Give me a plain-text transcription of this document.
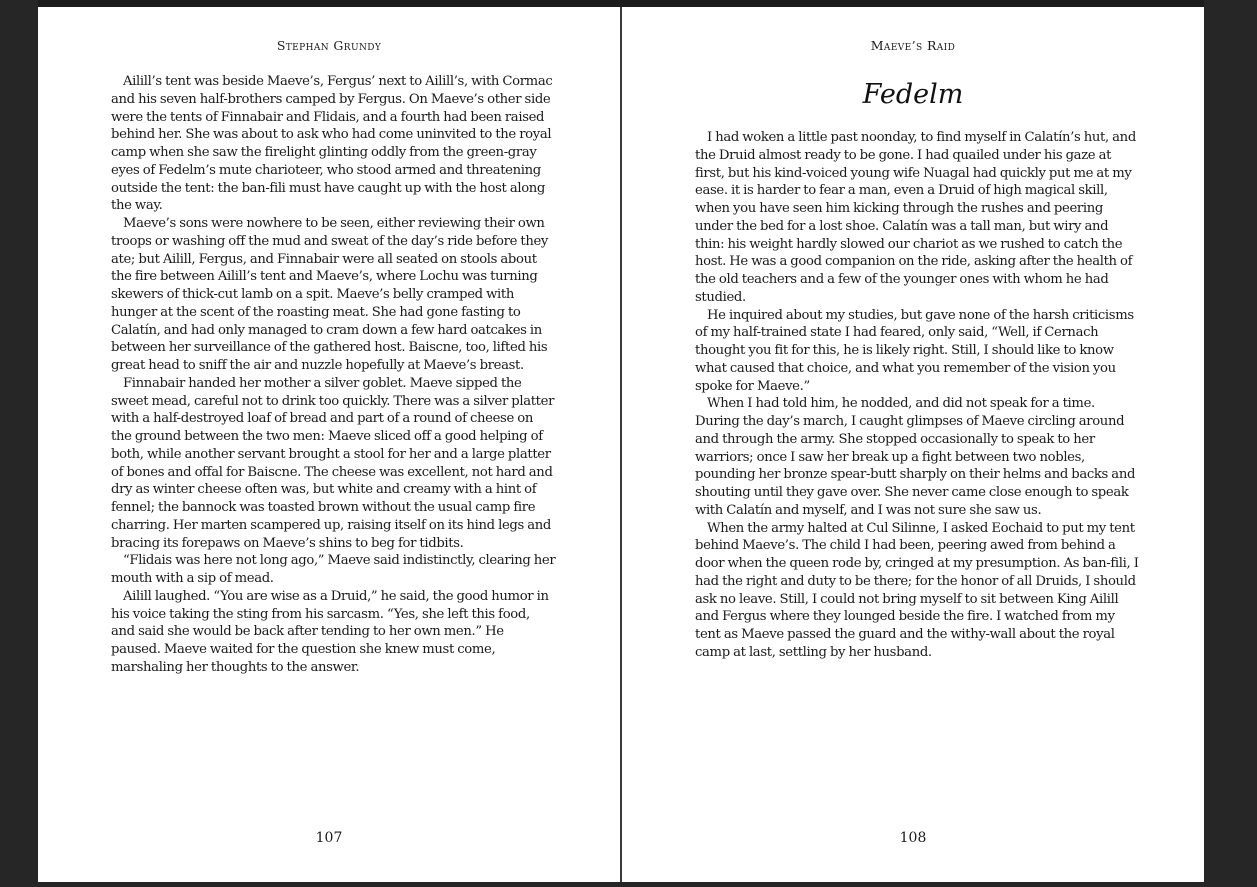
Stephan Grundy

Ailill’s tent was beside Maeve’s, Fergus’ next to Ailill’s, with Cormac and his seven half-brothers camped by Fergus. On Maeve’s other side were the tents of Finnabair and Flidais, and a fourth had been raised behind her. She was about to ask who had come uninvited to the royal camp when she saw the firelight glinting oddly from the green-gray eyes of Fedelm’s mute charioteer, who stood armed and threatening outside the tent: the ban-fili must have caught up with the host along the way.

Maeve’s sons were nowhere to be seen, either reviewing their own troops or washing off the mud and sweat of the day’s ride before they ate; but Ailill, Fergus, and Finnabair were all seated on stools about the fire between Ailill’s tent and Maeve’s, where Lochu was turning skewers of thick-cut lamb on a spit. Maeve’s belly cramped with hunger at the scent of the roasting meat. She had gone fasting to Calatín, and had only managed to cram down a few hard oatcakes in between her surveillance of the gathered host. Baiscne, too, lifted his great head to sniff the air and nuzzle hopefully at Maeve’s breast.

Finnabair handed her mother a silver goblet. Maeve sipped the sweet mead, careful not to drink too quickly. There was a silver platter with a half-destroyed loaf of bread and part of a round of cheese on the ground between the two men: Maeve sliced off a good helping of both, while another servant brought a stool for her and a large platter of bones and offal for Baiscne. The cheese was excellent, not hard and dry as winter cheese often was, but white and creamy with a hint of fennel; the bannock was toasted brown without the usual camp fire charring. Her marten scampered up, raising itself on its hind legs and bracing its forepaws on Maeve’s shins to beg for tidbits.

“Flidais was here not long ago,” Maeve said indistinctly, clearing her mouth with a sip of mead.

Ailill laughed. “You are wise as a Druid,” he said, the good humor in his voice taking the sting from his sarcasm. “Yes, she left this food, and said she would be back after tending to her own men.” He paused. Maeve waited for the question she knew must come, marshaling her thoughts to the answer.

107
Maeve’s Raid
Fedelm

I had woken a little past noonday, to find myself in Calatín’s hut, and the Druid almost ready to be gone. I had quailed under his gaze at first, but his kind-voiced young wife Nuagal had quickly put me at my ease. it is harder to fear a man, even a Druid of high magical skill, when you have seen him kicking through the rushes and peering under the bed for a lost shoe. Calatín was a tall man, but wiry and thin: his weight hardly slowed our chariot as we rushed to catch the host. He was a good companion on the ride, asking after the health of the old teachers and a few of the younger ones with whom he had studied.

He inquired about my studies, but gave none of the harsh criticisms of my half-trained state I had feared, only said, “Well, if Cernach thought you fit for this, he is likely right. Still, I should like to know what caused that choice, and what you remember of the vision you spoke for Maeve.”

When I had told him, he nodded, and did not speak for a time. During the day’s march, I caught glimpses of Maeve circling around and through the army. She stopped occasionally to speak to her warriors; once I saw her break up a fight between two nobles, pounding her bronze spear-butt sharply on their helms and backs and shouting until they gave over. She never came close enough to speak with Calatín and myself, and I was not sure she saw us.

When the army halted at Cul Silinne, I asked Eochaid to put my tent behind Maeve’s. The child I had been, peering awed from behind a door when the queen rode by, cringed at my presumption. As ban-fili, I had the right and duty to be there; for the honor of all Druids, I should ask no leave. Still, I could not bring myself to sit between King Ailill and Fergus where they lounged beside the fire. I watched from my tent as Maeve passed the guard and the withy-wall about the royal camp at last, settling by her husband.

108
